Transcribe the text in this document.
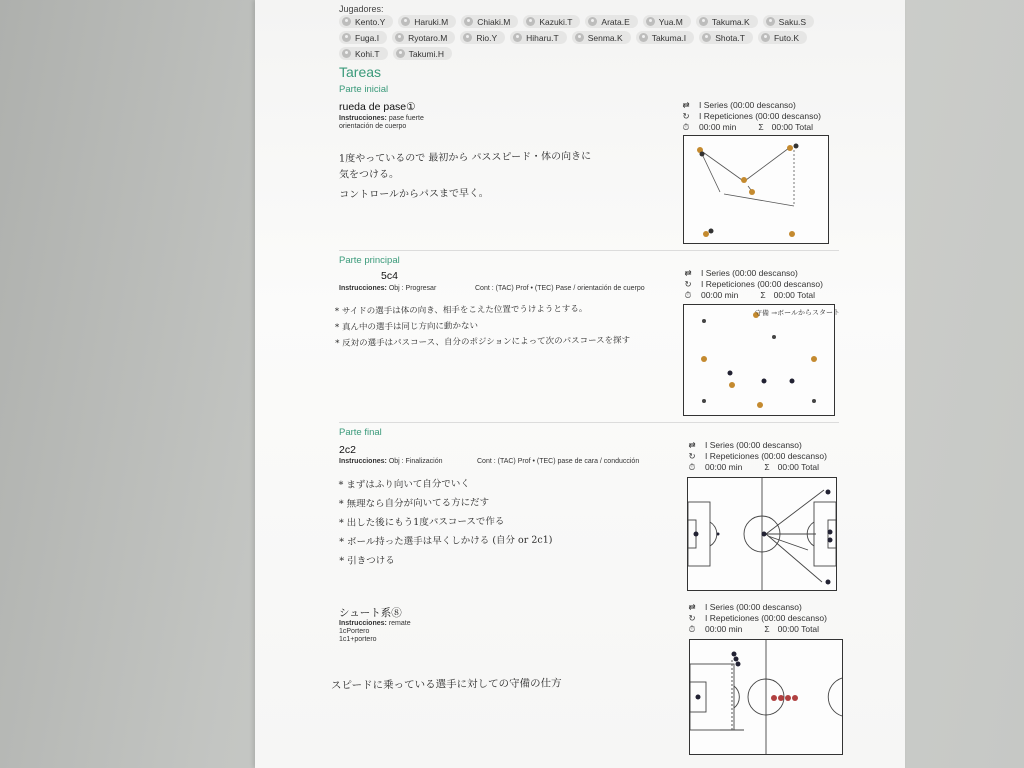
Jugadores:
Kento.Y	Haruki.M	Chiaki.M	Kazuki.T	Arata.E	Yua.M	Takuma.K	Saku.S
Fuga.I	Ryotaro.M	Rio.Y	Hiharu.T	Senma.K	Takuma.I	Shota.T	Futo.K
Kohi.T	Takumi.H
Tareas
Parte inicial
rueda de pase①
Instrucciones: pase fuerte
orientación de cuerpo
1度やっているので 最初から パススピード・体の向きに
気をつける。
コントロールからパスまで早く。
⇄ I Series (00:00 descanso)
↻ I Repeticiones (00:00 descanso)
⏱ 00:00 min	Σ 00:00 Total
Parte principal
5c4
Instrucciones: Obj : Progresar	Cont : (TAC) Prof • (TEC) Pase / orientación de cuerpo
* サイドの選手は体の向き、相手をこえた位置でうけようとする。
* 真ん中の選手は同じ方向に動かない
* 反対の選手はパスコース、自分のポジションによって次のパスコースを探す
⇄ I Series (00:00 descanso)
↻ I Repeticiones (00:00 descanso)
⏱ 00:00 min	Σ 00:00 Total
守備 →ボールからスタート
Parte final
2c2
Instrucciones: Obj : Finalización	Cont : (TAC) Prof • (TEC) pase de cara / conducción
* まずはふり向いて自分でいく
* 無理なら自分が向いてる方にだす
* 出した後にもう1度パスコースで作る
* ボール持った選手は早くしかける (自分 or 2c1)
* 引きつける
⇄ I Series (00:00 descanso)
↻ I Repeticiones (00:00 descanso)
⏱ 00:00 min	Σ 00:00 Total
シュート系⑧
Instrucciones: remate
1cPortero
1c1+portero
スピードに乗っている選手に対しての守備の仕方
⇄ I Series (00:00 descanso)
↻ I Repeticiones (00:00 descanso)
⏱ 00:00 min	Σ 00:00 Total
